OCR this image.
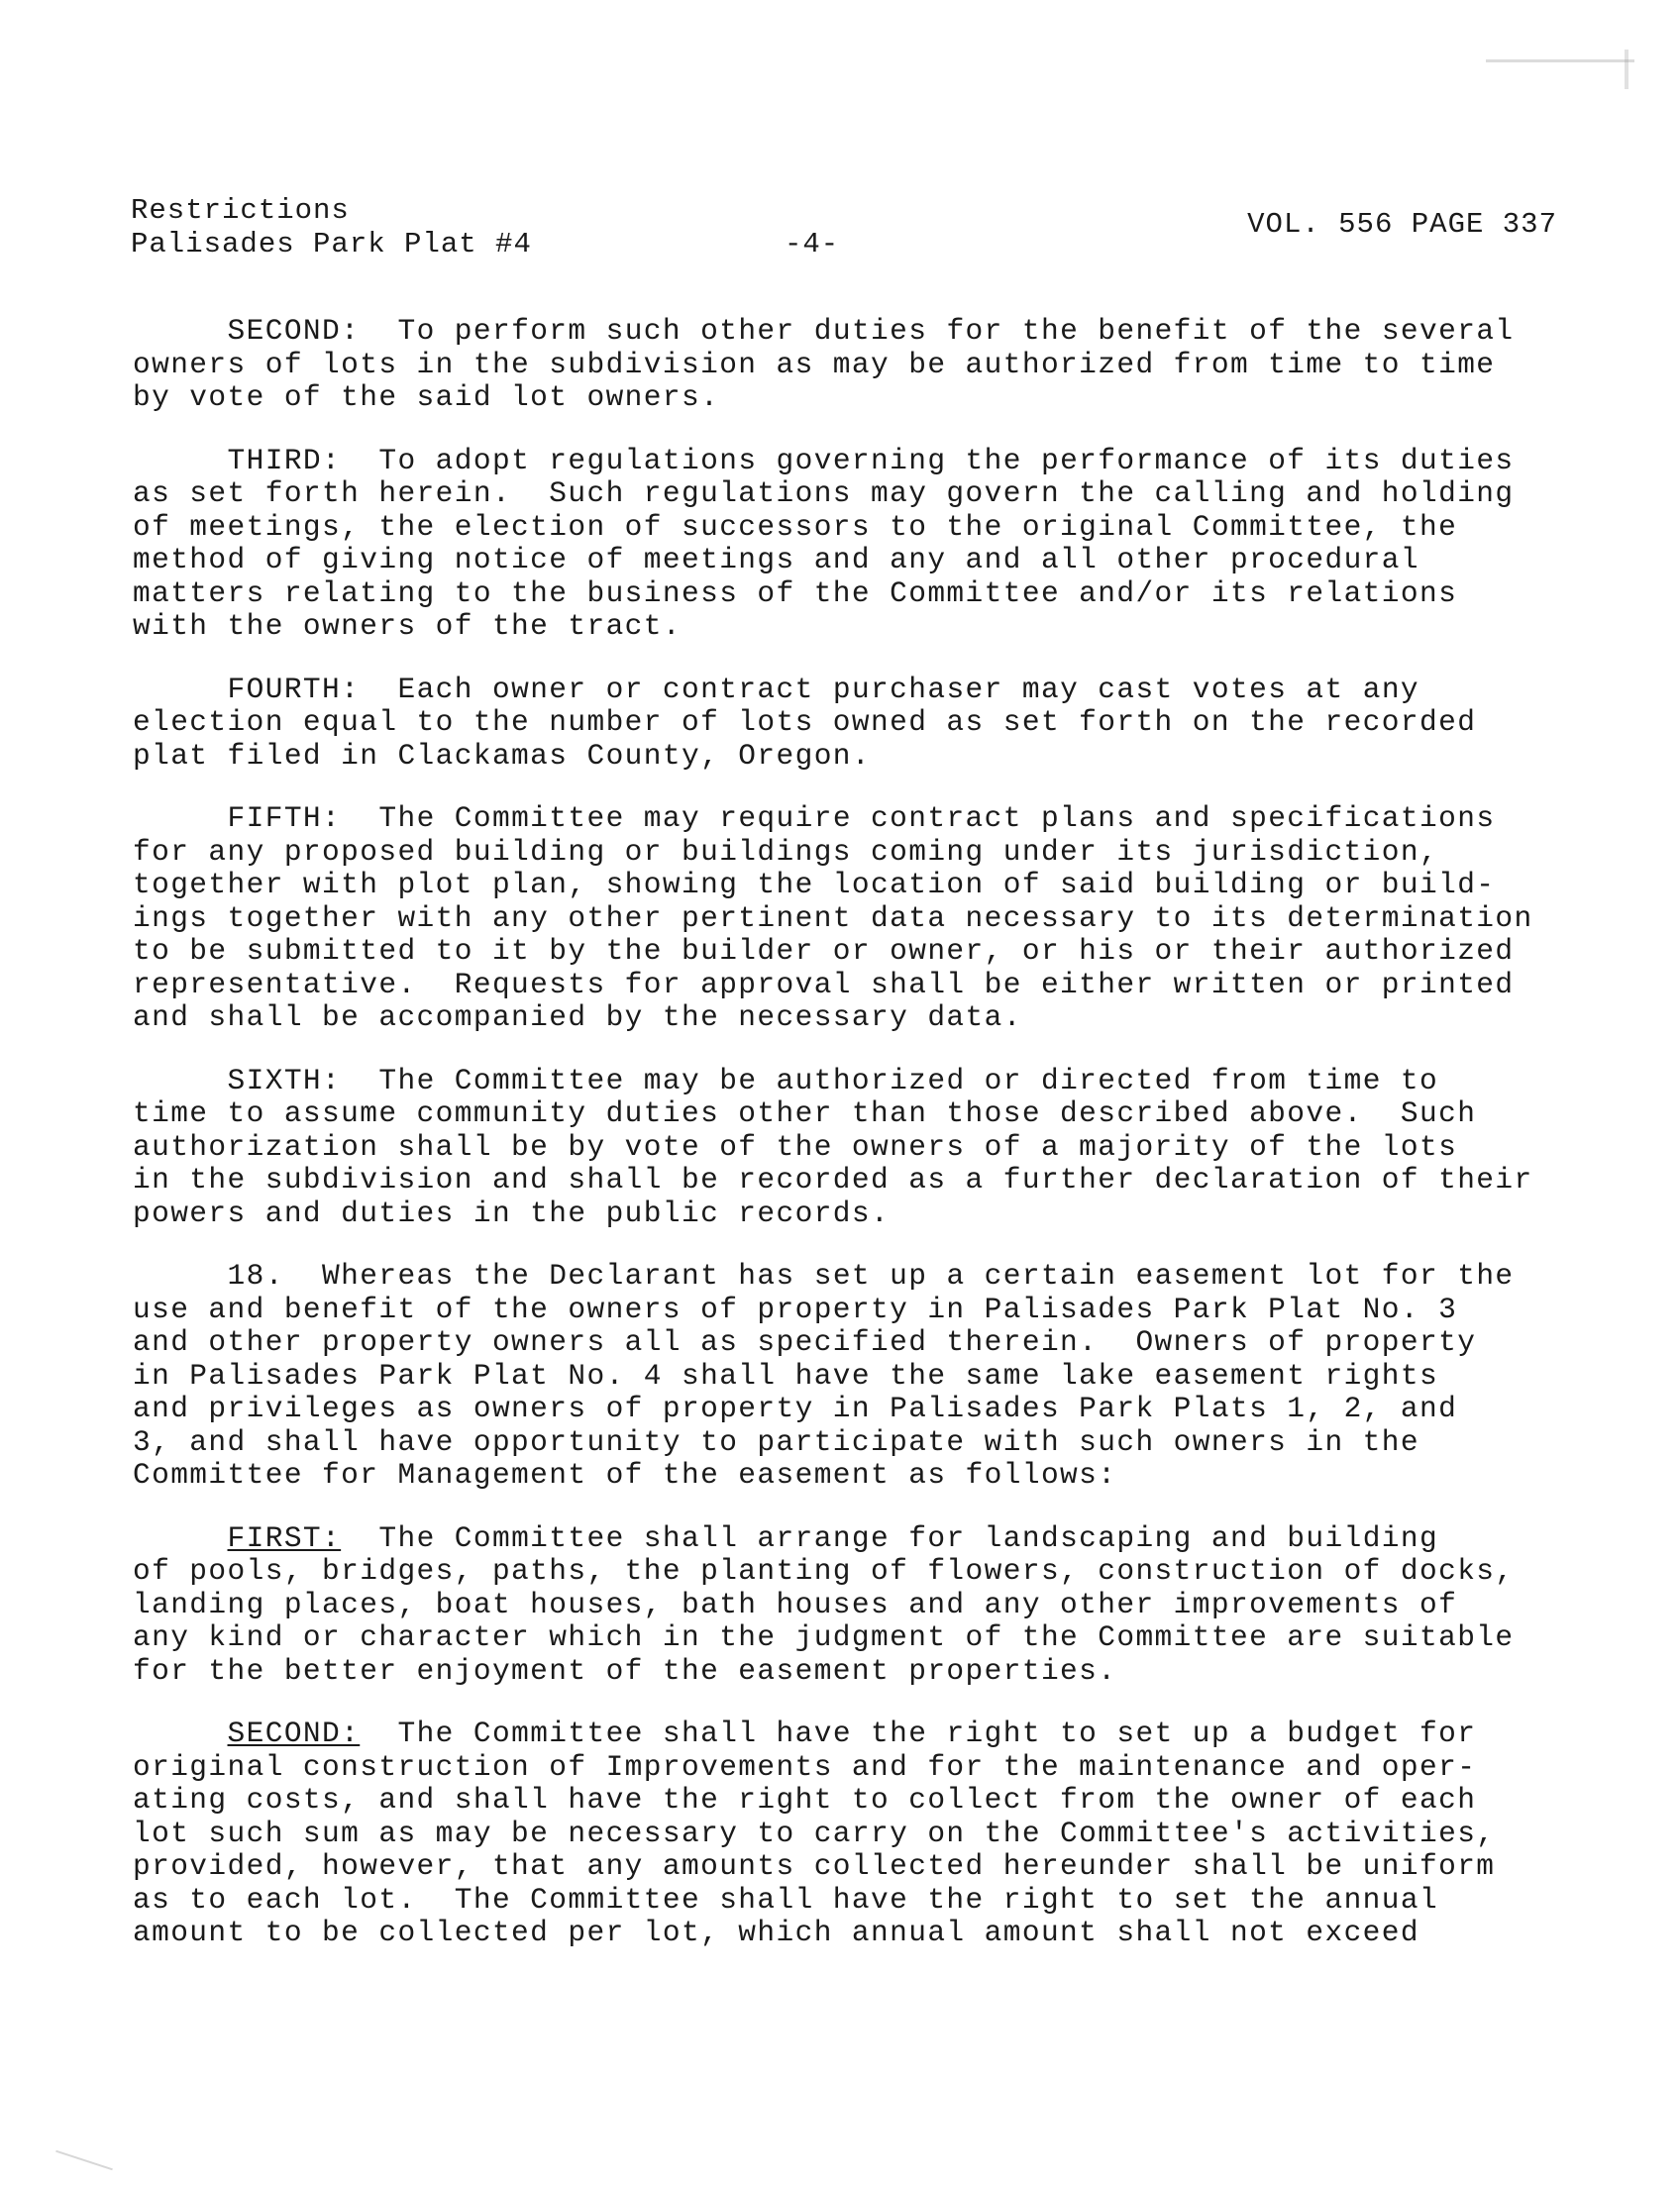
Restrictions
Palisades Park Plat #4	-4-
VOL. 556 PAGE 337
SECOND: To perform such other duties for the benefit of the several
owners of lots in the subdivision as may be authorized from time to time
by vote of the said lot owners.
THIRD: To adopt regulations governing the performance of its duties
as set forth herein.  Such regulations may govern the calling and holding
of meetings, the election of successors to the original Committee, the
method of giving notice of meetings and any and all other procedural
matters relating to the business of the Committee and/or its relations
with the owners of the tract.
FOURTH: Each owner or contract purchaser may cast votes at any
election equal to the number of lots owned as set forth on the recorded
plat filed in Clackamas County, Oregon.
FIFTH: The Committee may require contract plans and specifications
for any proposed building or buildings coming under its jurisdiction,
together with plot plan, showing the location of said building or build-
ings together with any other pertinent data necessary to its determination
to be submitted to it by the builder or owner, or his or their authorized
representative.  Requests for approval shall be either written or printed
and shall be accompanied by the necessary data.
SIXTH: The Committee may be authorized or directed from time to
time to assume community duties other than those described above.  Such
authorization shall be by vote of the owners of a majority of the lots
in the subdivision and shall be recorded as a further declaration of their
powers and duties in the public records.
18. Whereas the Declarant has set up a certain easement lot for the
use and benefit of the owners of property in Palisades Park Plat No. 3
and other property owners all as specified therein.  Owners of property
in Palisades Park Plat No. 4 shall have the same lake easement rights
and privileges as owners of property in Palisades Park Plats 1, 2, and
3, and shall have opportunity to participate with such owners in the
Committee for Management of the easement as follows:
FIRST: The Committee shall arrange for landscaping and building
of pools, bridges, paths, the planting of flowers, construction of docks,
landing places, boat houses, bath houses and any other improvements of
any kind or character which in the judgment of the Committee are suitable
for the better enjoyment of the easement properties.
SECOND: The Committee shall have the right to set up a budget for
original construction of Improvements and for the maintenance and oper-
ating costs, and shall have the right to collect from the owner of each
lot such sum as may be necessary to carry on the Committee's activities,
provided, however, that any amounts collected hereunder shall be uniform
as to each lot.  The Committee shall have the right to set the annual
amount to be collected per lot, which annual amount shall not exceed
